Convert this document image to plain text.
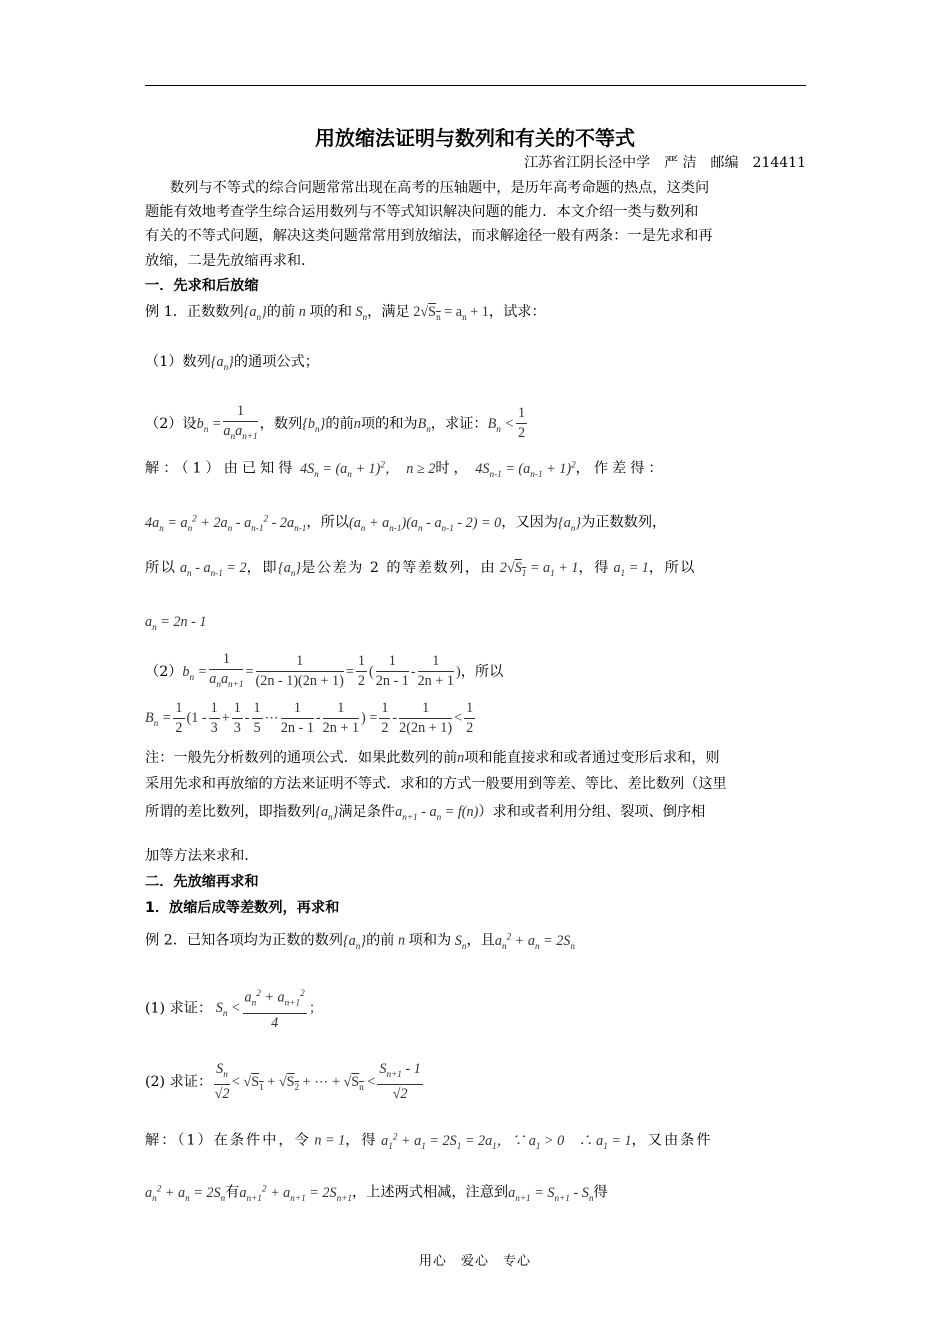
用放缩法证明与数列和有关的不等式
江苏省江阴长泾中学　严 洁　邮编　214411
数列与不等式的综合问题常常出现在高考的压轴题中，是历年高考命题的热点，这类问
题能有效地考查学生综合运用数列与不等式知识解决问题的能力．本文介绍一类与数列和
有关的不等式问题，解决这类问题常常用到放缩法，而求解途径一般有两条：一是先求和再
放缩，二是先放缩再求和．
一．先求和后放缩
例 1．正数数列$\{a_n\}$的前 n 项的和 $S_n$，满足 $2√S_n = a_n + 1$，试求：
（1）数列$\{a_n\}$的通项公式；
（2）设$b_n = \frac{1}{a_na_{n+1}}$ ，数列$\{b_n\}$的前n项的和为$B_n$，求证：$B_n < \frac{1}{2}$
解：（1）由已知得 $4S_n = (a_n + 1)^2$，　n ≥ 2时， $4S_{n-1} = (a_{n-1} + 1)^2$，作差得：
$4a_n = a_n^2 + 2a_n - a_{n-1}^2 - 2a_{n-1}$，所以$(a_n + a_{n-1})(a_n - a_{n-1} - 2) = 0$，又因为$\{a_n\}$为正数数列，
所以 $a_n - a_{n-1} = 2$，即$\{a_n\}$是公差为 2 的等差数列，由 $2√S_1 = a_1 + 1$，得 $a_1 = 1$，所以
$a_n = 2n - 1$
$(2)b_n = \frac{1}{a_na_{n+1}} = \frac{1}{(2n - 1)(2n + 1)} = \frac{1}{2}$ ( $\frac{1}{2n - 1} - \frac{1}{2n + 1}$ )，所以
$B_n = \frac{1}{2} (1 - \frac{1}{3} + \frac{1}{3} - \frac{1}{5}$ ⋯ $\frac{1}{2n - 1} - \frac{1}{2n + 1}$ ) = $\frac{1}{2} - \frac{1}{2(2n + 1)} < \frac{1}{2}$
注：一般先分析数列的通项公式．如果此数列的前n项和能直接求和或者通过变形后求和，则
采用先求和再放缩的方法来证明不等式．求和的方式一般要用到等差、等比、差比数列（这里
所谓的差比数列，即指数列$\{a_n\}$满足条件$a_{n+1} - a_n = f(n)$）求和或者利用分组、裂项、倒序相
加等方法来求和．
二．先放缩再求和
1．放缩后成等差数列，再求和
例 2．已知各项均为正数的数列$\{a_n\}$的前 n 项和为 $S_n$，且$a_n^2 + a_n = 2S_n$
(1) 求证： $S_n < \frac{a_n^2 + a_{n+1}^2}{4}$ ；
(2) 求证： $\frac{S_n}{√2} < √S_1 + √S_2$ + ⋯ + $√S_n < \frac{S_{n+1} - 1}{√2}$
解：（1）在条件中，令 n = 1，得 $a_1^2 + a_1 = 2S_1 = 2a_1$，∵ $a_1 > 0$　∴ $a_1 = 1$，又由条件
$a_n^2 + a_n = 2S_n$有$a_{n+1}^2 + a_{n+1} = 2S_{n+1}$，上述两式相减，注意到$a_{n+1} = S_{n+1} - S_n$得
用心　爱心　专心
